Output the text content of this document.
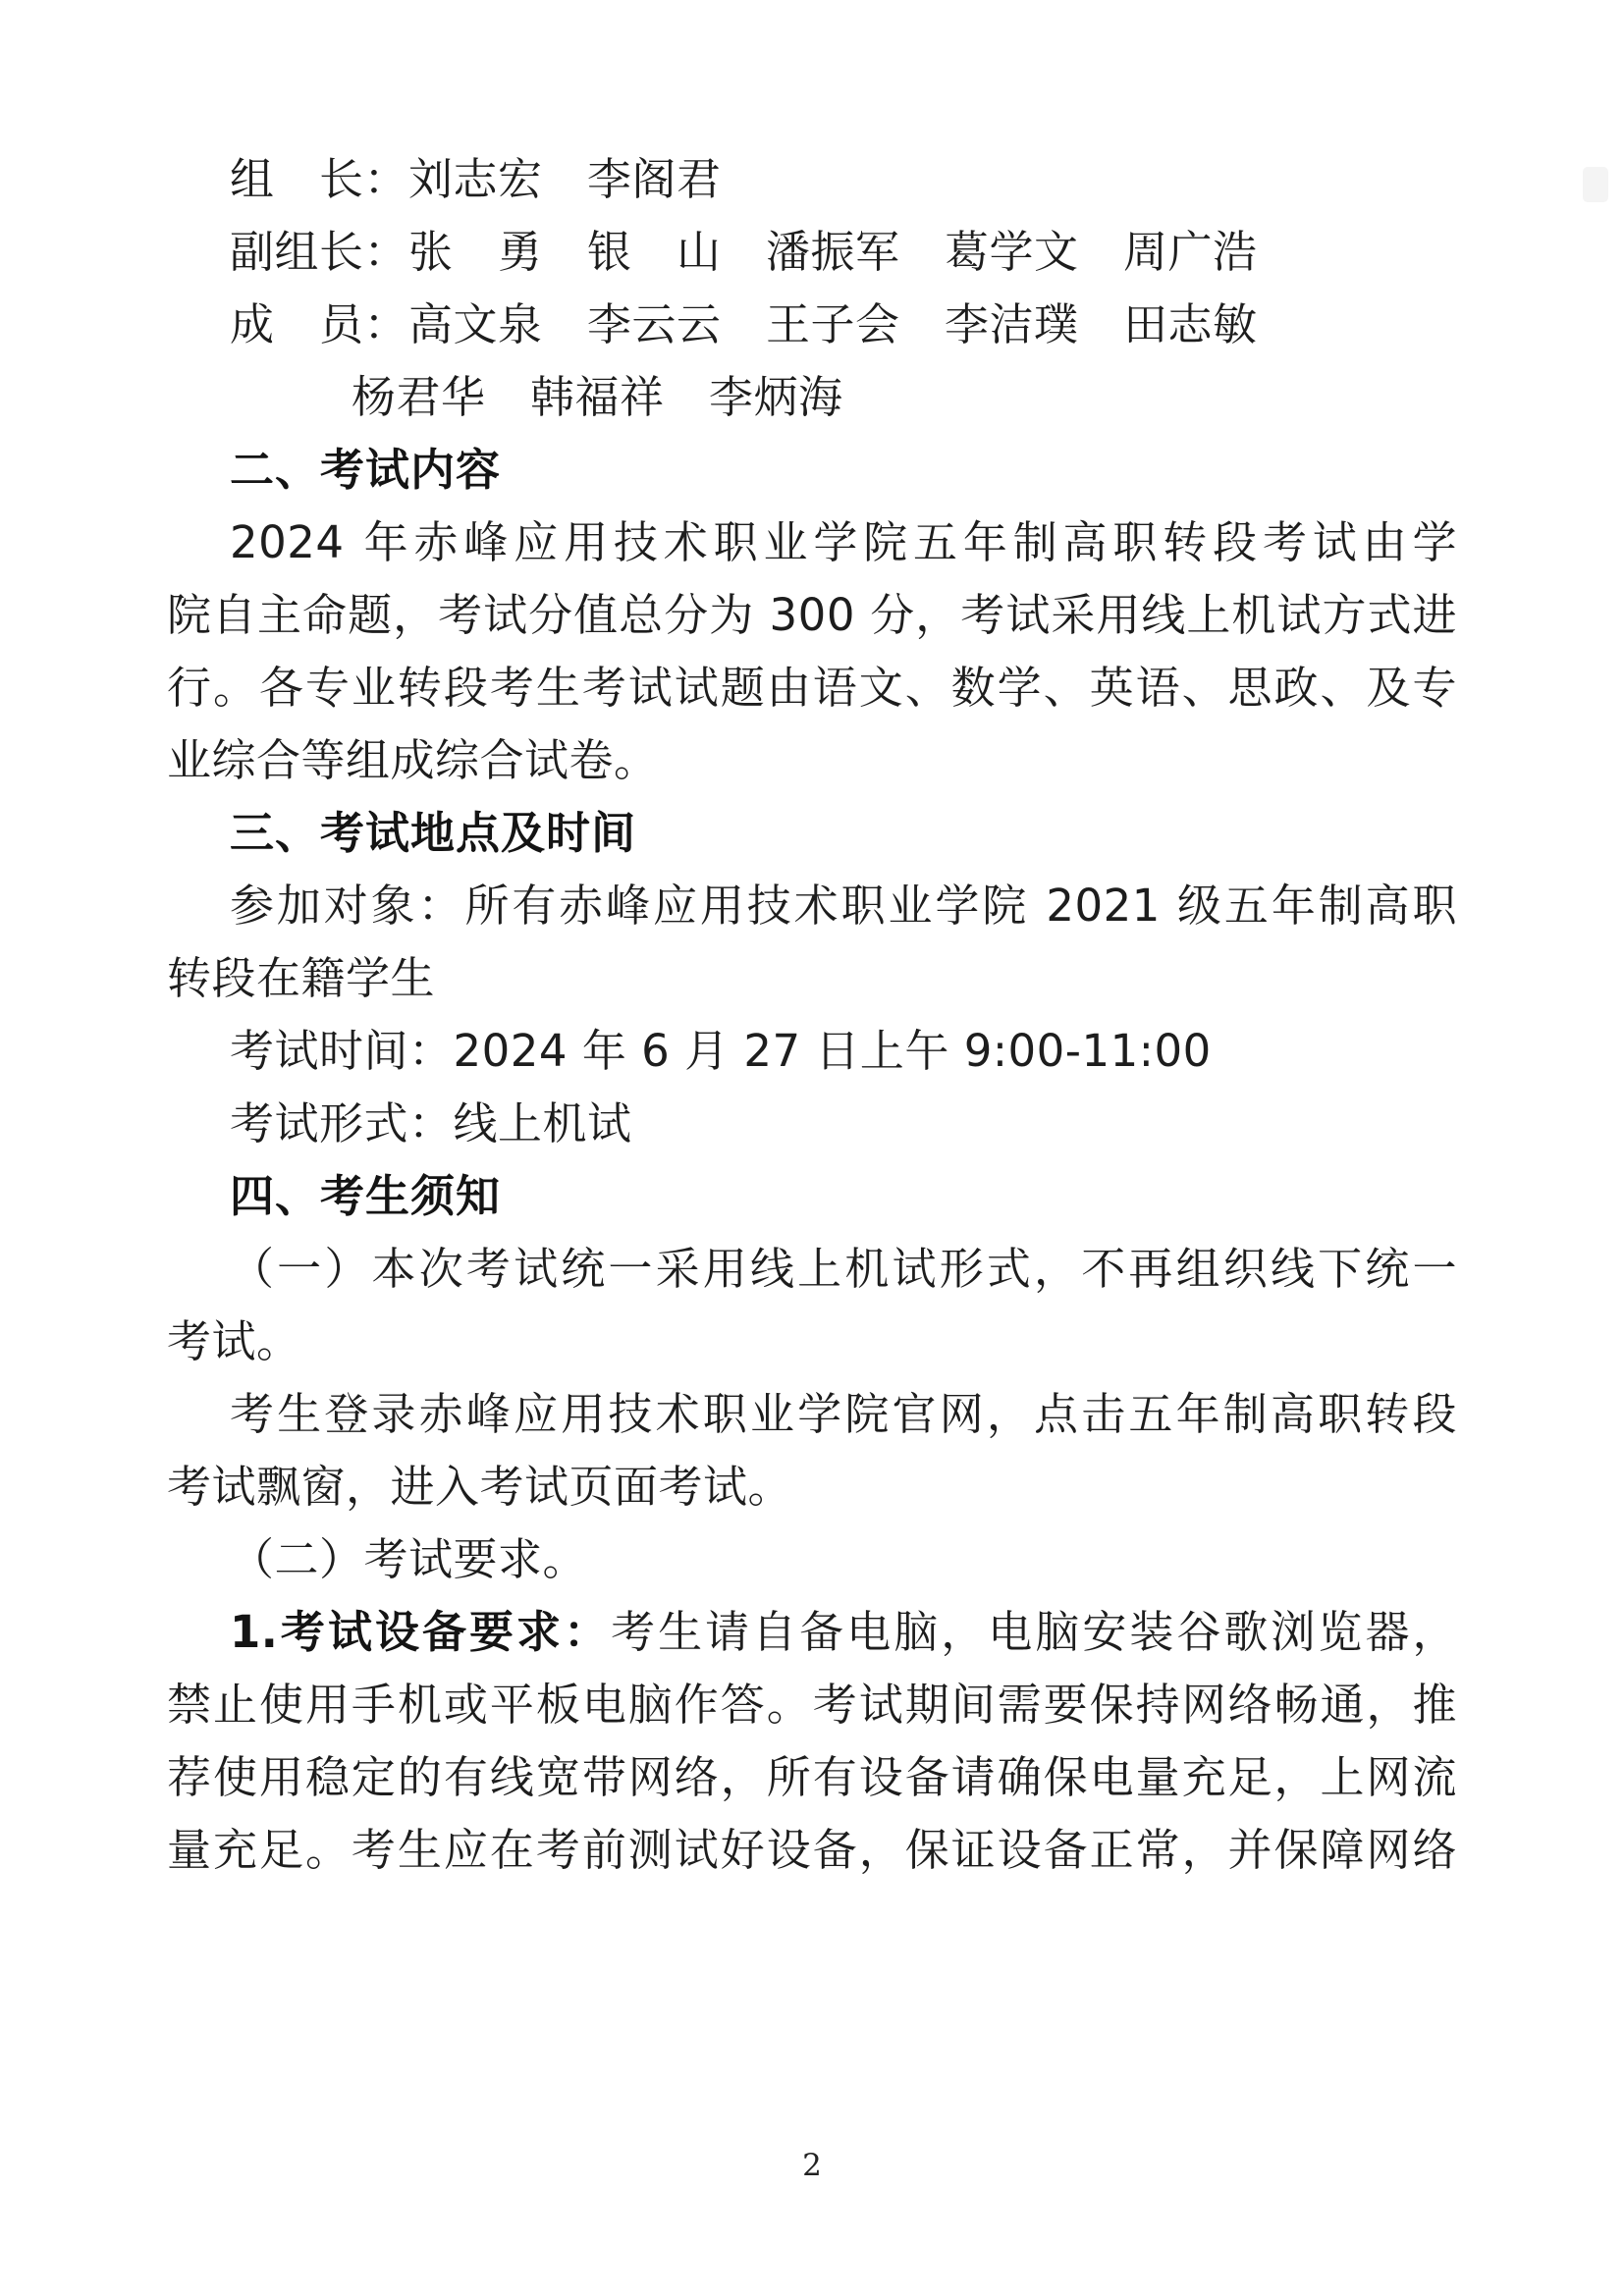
组　长：刘志宏　李阁君
副组长：张　勇　银　山　潘振军　葛学文　周广浩
成　员：高文泉　李云云　王子会　李洁璞　田志敏
杨君华　韩福祥　李炳海
二、考试内容
2024 年赤峰应用技术职业学院五年制高职转段考试由学
院自主命题，考试分值总分为 300 分，考试采用线上机试方式进
行。各专业转段考生考试试题由语文、数学、英语、思政、及专
业综合等组成综合试卷。
三、考试地点及时间
参加对象：所有赤峰应用技术职业学院 2021 级五年制高职
转段在籍学生
考试时间：2024 年 6 月 27 日上午 9:00-11:00
考试形式：线上机试
四、考生须知
（一）本次考试统一采用线上机试形式，不再组织线下统一
考试。
考生登录赤峰应用技术职业学院官网，点击五年制高职转段
考试飘窗，进入考试页面考试。
（二）考试要求。
1.考试设备要求：考生请自备电脑，电脑安装谷歌浏览器，
禁止使用手机或平板电脑作答。考试期间需要保持网络畅通，推
荐使用稳定的有线宽带网络，所有设备请确保电量充足，上网流
量充足。考生应在考前测试好设备，保证设备正常，并保障网络
2
